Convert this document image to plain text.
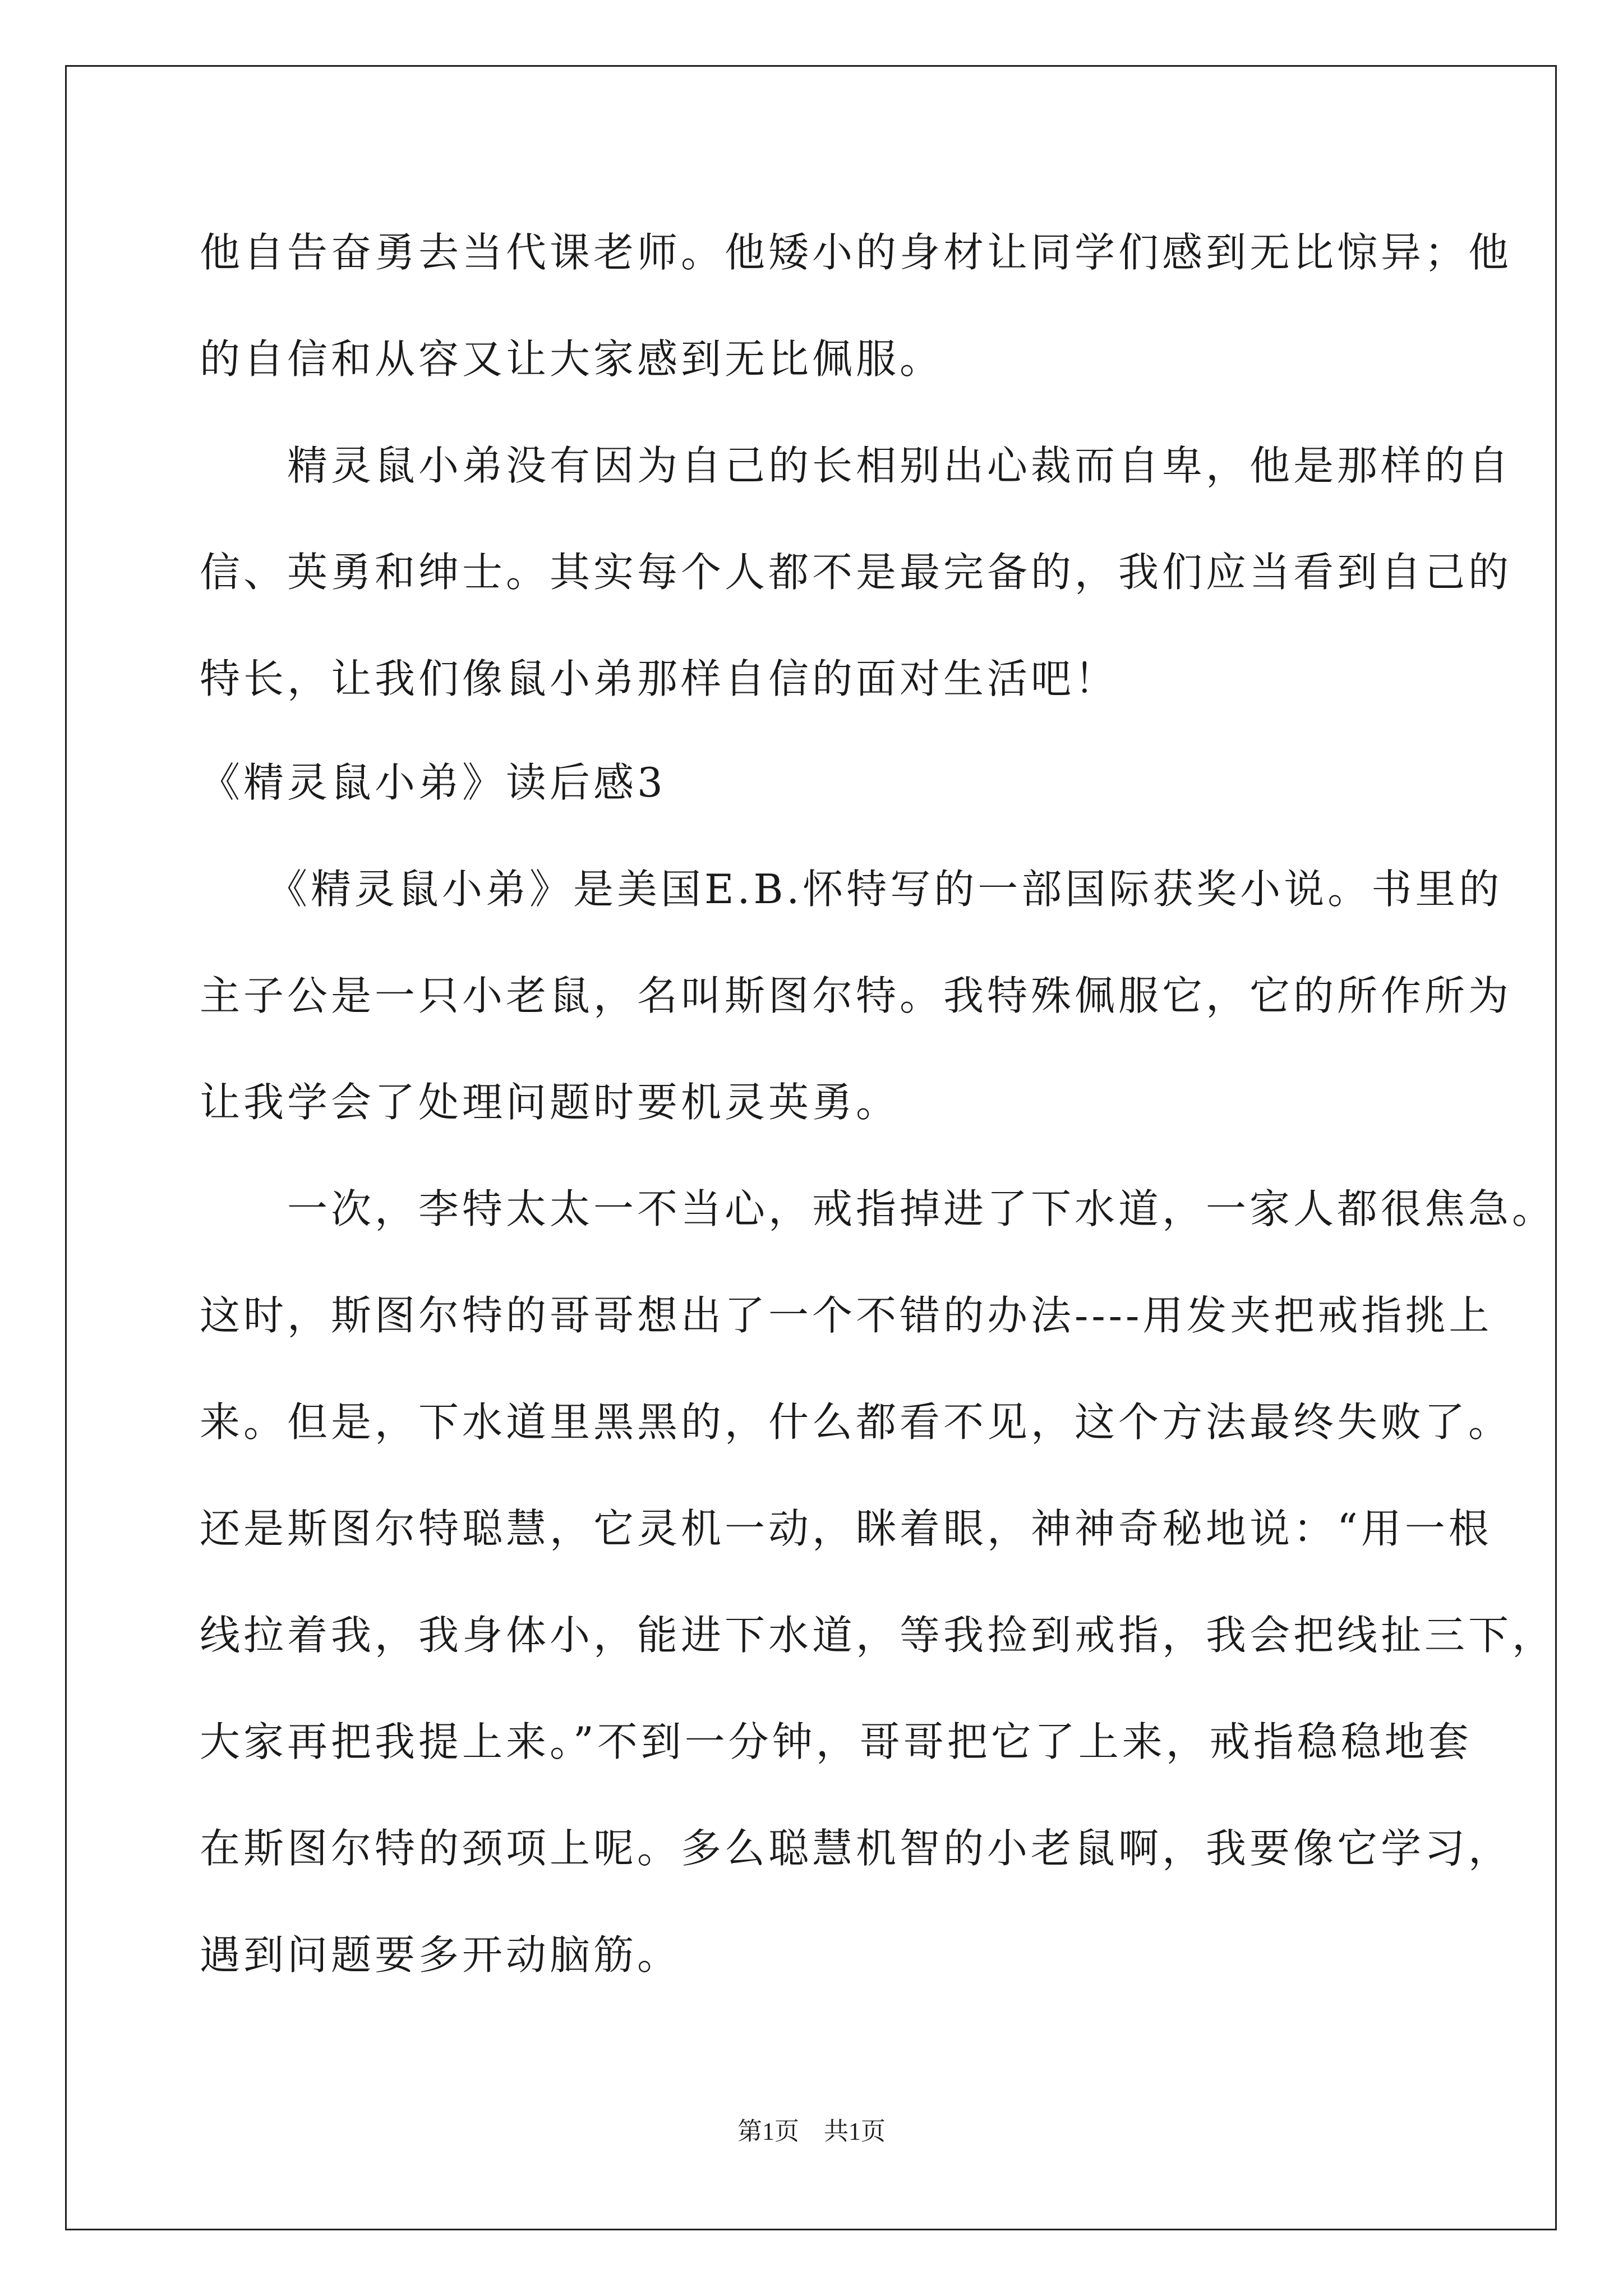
他自告奋勇去当代课老师。他矮小的身材让同学们感到无比惊异；他
的自信和从容又让大家感到无比佩服。
　　精灵鼠小弟没有因为自己的长相别出心裁而自卑，他是那样的自
信、英勇和绅士。其实每个人都不是最完备的，我们应当看到自己的
特长，让我们像鼠小弟那样自信的面对生活吧！
《精灵鼠小弟》读后感3
　　《精灵鼠小弟》是美国E.B.怀特写的一部国际获奖小说。书里的
主子公是一只小老鼠，名叫斯图尔特。我特殊佩服它，它的所作所为
让我学会了处理问题时要机灵英勇。
　　一次，李特太太一不当心，戒指掉进了下水道，一家人都很焦急。
这时，斯图尔特的哥哥想出了一个不错的办法----用发夹把戒指挑上
来。但是，下水道里黑黑的，什么都看不见，这个方法最终失败了。
还是斯图尔特聪慧，它灵机一动，眯着眼，神神奇秘地说：“用一根
线拉着我，我身体小，能进下水道，等我捡到戒指，我会把线扯三下，
大家再把我提上来。”不到一分钟，哥哥把它了上来，戒指稳稳地套
在斯图尔特的颈项上呢。多么聪慧机智的小老鼠啊，我要像它学习，
遇到问题要多开动脑筋。
第1页　共1页
